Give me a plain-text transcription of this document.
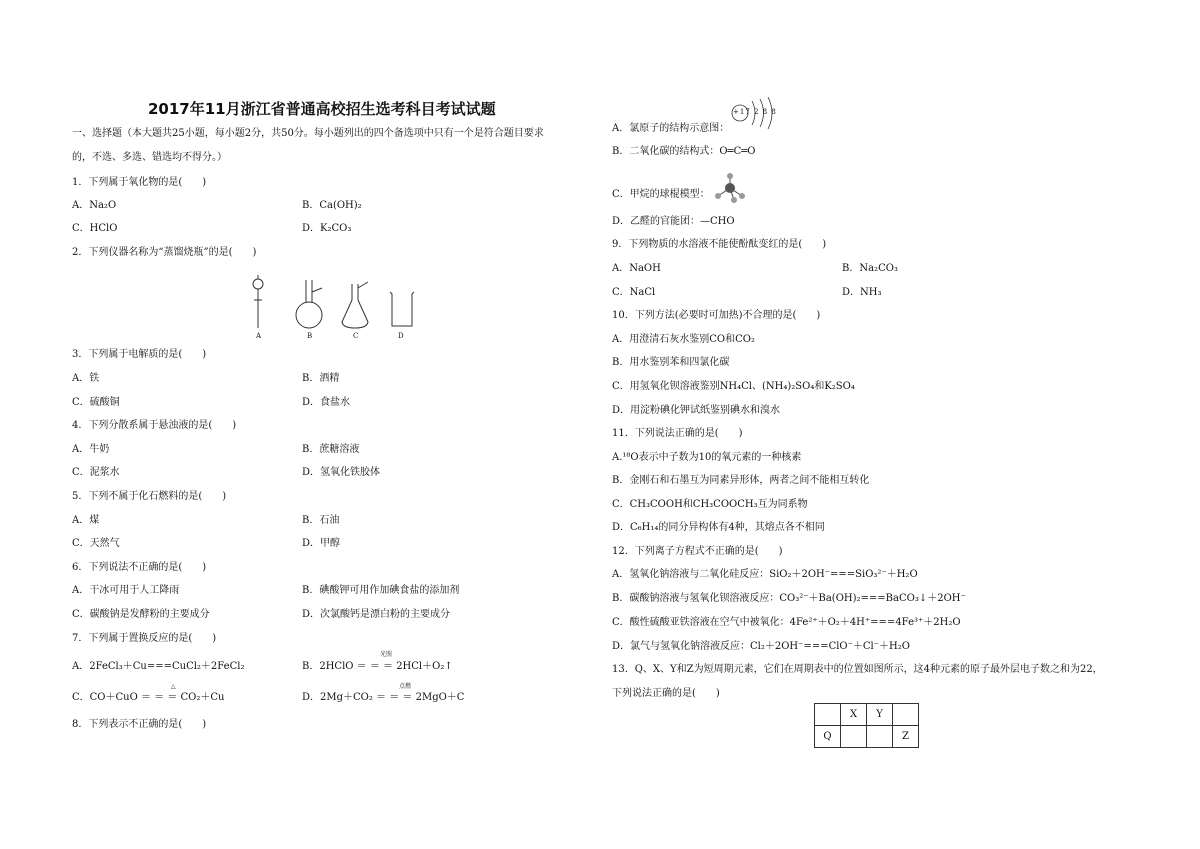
2017年11月浙江省普通高校招生选考科目考试试题
一、选择题（本大题共25小题，每小题2分，共50分。每小题列出的四个备选项中只有一个是符合题目要求
的，不选、多选、错选均不得分。）
1．下列属于氧化物的是(　　)
A．Na₂O	B．Ca(OH)₂
C．HClO	D．K₂CO₃
2．下列仪器名称为“蒸馏烧瓶”的是(　　)
A	B	C	D
3．下列属于电解质的是(　　)
A．铁	B．酒精
C．硫酸铜	D．食盐水
4．下列分散系属于悬浊液的是(　　)
A．牛奶	B．蔗糖溶液
C．泥浆水	D．氢氧化铁胶体
5．下列不属于化石燃料的是(　　)
A．煤	B．石油
C．天然气	D．甲醇
6．下列说法不正确的是(　　)
A．干冰可用于人工降雨	B．碘酸钾可用作加碘食盐的添加剂
C．碳酸钠是发酵粉的主要成分	D．次氯酸钙是漂白粉的主要成分
7．下列属于置换反应的是(　　)
A．2FeCl₃＋Cu===CuCl₂＋2FeCl₂	B．2HClO ＝ ＝ ＝ 2HCl＋O₂↑
光照
C．CO＋CuO ＝ ＝ ＝ CO₂＋Cu
△
D．2Mg＋CO₂ ＝ ＝ ＝ 2MgO＋C
点燃
8．下列表示不正确的是(　　)
+17 2 8 8
A．氯原子的结构示意图：
B．二氧化碳的结构式：O═C═O
C．甲烷的球棍模型：
D．乙醛的官能团：—CHO
9．下列物质的水溶液不能使酚酞变红的是(　　)
A．NaOH	B．Na₂CO₃
C．NaCl	D．NH₃
10．下列方法(必要时可加热)不合理的是(　　)
A．用澄清石灰水鉴别CO和CO₂
B．用水鉴别苯和四氯化碳
C．用氢氧化钡溶液鉴别NH₄Cl、(NH₄)₂SO₄和K₂SO₄
D．用淀粉碘化钾试纸鉴别碘水和溴水
11．下列说法正确的是(　　)
A.¹⁸O表示中子数为10的氧元素的一种核素
B．金刚石和石墨互为同素异形体，两者之间不能相互转化
C．CH₃COOH和CH₃COOCH₃互为同系物
D．C₆H₁₄的同分异构体有4种，其熔点各不相同
12．下列离子方程式不正确的是(　　)
A．氢氧化钠溶液与二氧化硅反应：SiO₂＋2OH⁻===SiO₃²⁻＋H₂O
B．碳酸钠溶液与氢氧化钡溶液反应：CO₃²⁻＋Ba(OH)₂===BaCO₃↓＋2OH⁻
C．酸性硫酸亚铁溶液在空气中被氧化：4Fe²⁺＋O₂＋4H⁺===4Fe³⁺＋2H₂O
D．氯气与氢氧化钠溶液反应：Cl₂＋2OH⁻===ClO⁻＋Cl⁻＋H₂O
13．Q、X、Y和Z为短周期元素，它们在周期表中的位置如图所示，这4种元素的原子最外层电子数之和为22，
下列说法正确的是(　　)
	X	Y	
Q			Z
